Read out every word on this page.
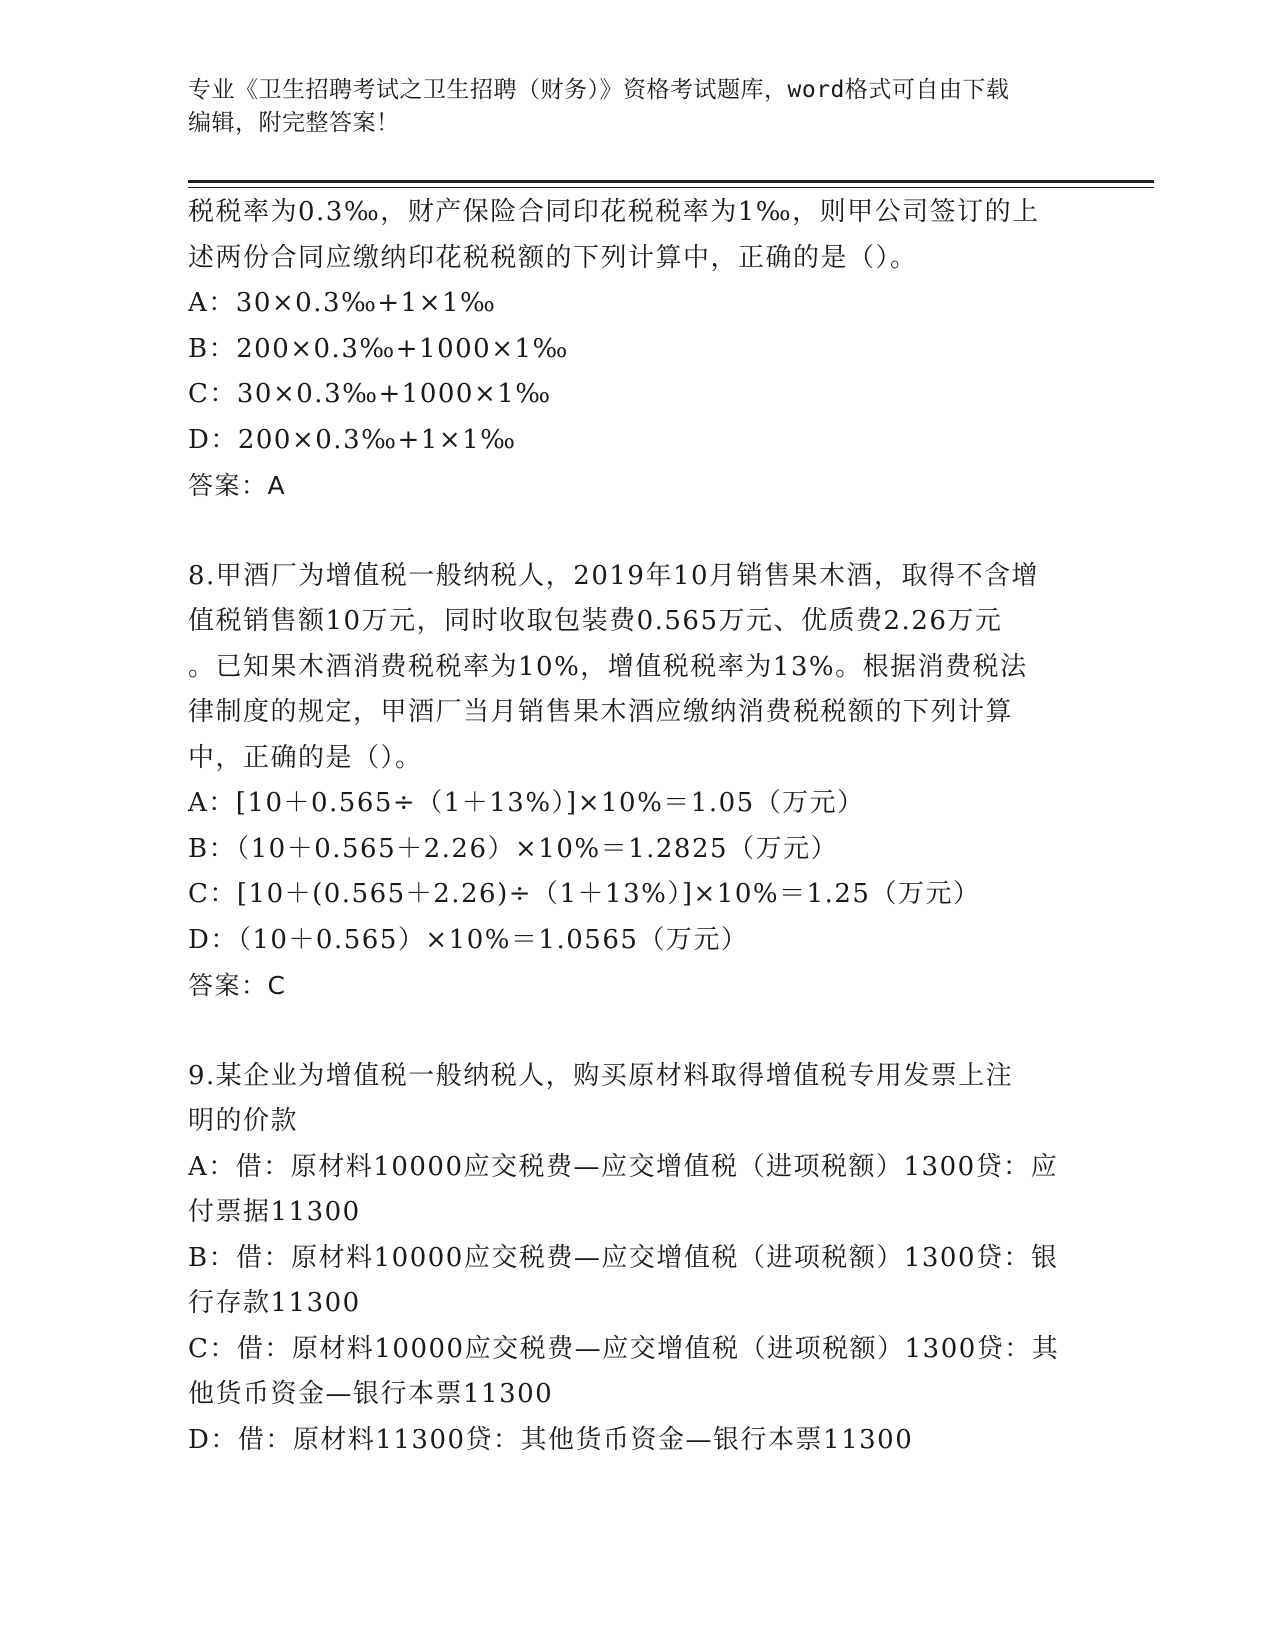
专业《卫生招聘考试之卫生招聘（财务）》资格考试题库，word格式可自由下载
编辑，附完整答案！
税税率为0.3‰，财产保险合同印花税税率为1‰，则甲公司签订的上
述两份合同应缴纳印花税税额的下列计算中，正确的是（）。
A：30×0.3‰+1×1‰
B：200×0.3‰+1000×1‰
C：30×0.3‰+1000×1‰
D：200×0.3‰+1×1‰
答案：A
8.甲酒厂为增值税一般纳税人，2019年10月销售果木酒，取得不含增
值税销售额10万元，同时收取包装费0.565万元、优质费2.26万元
。已知果木酒消费税税率为10%，增值税税率为13%。根据消费税法
律制度的规定，甲酒厂当月销售果木酒应缴纳消费税税额的下列计算
中，正确的是（）。
A：[10＋0.565÷（1＋13%）]×10%＝1.05（万元）
B：（10＋0.565＋2.26）×10%＝1.2825（万元）
C：[10＋(0.565＋2.26)÷（1＋13%）]×10%＝1.25（万元）
D：（10＋0.565）×10%＝1.0565（万元）
答案：C
9.某企业为增值税一般纳税人，购买原材料取得增值税专用发票上注
明的价款
A：借：原材料10000应交税费—应交增值税（进项税额）1300贷：应
付票据11300
B：借：原材料10000应交税费—应交增值税（进项税额）1300贷：银
行存款11300
C：借：原材料10000应交税费—应交增值税（进项税额）1300贷：其
他货币资金—银行本票11300
D：借：原材料11300贷：其他货币资金—银行本票11300
